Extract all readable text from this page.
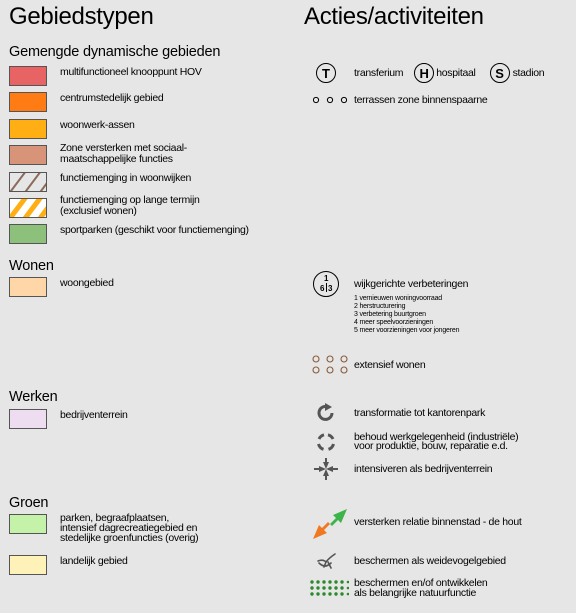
Gebiedstypen	Acties/activiteiten
Gemengde dynamische gebieden
Wonen
Werken
Groen
multifunctioneel knooppunt HOV
centrumstedelijk gebied
woonwerk-assen
Zone versterken met sociaal-
maatschappelijke functies
functiemenging in woonwijken
functiemenging op lange termijn
(exclusief wonen)
sportparken (geschikt voor functiemenging)
woongebied
bedrijventerrein
parken, begraafplaatsen,
intensief dagrecreatiegebied en
stedelijke groenfuncties (overig)
landelijk gebied
T transferium H hospitaal S stadion
terrassen zone binnenspaarne
1
6 3 wijkgerichte verbeteringen
1 vernieuwen woningvoorraad
2 herstructurering
3 verbetering buurtgroen
4 meer speelvoorzieningen
5 meer voorzieningen voor jongeren
extensief wonen
transformatie tot kantorenpark
behoud werkgelegenheid (industriële)
voor produktie, bouw, reparatie e.d.
intensiveren als bedrijventerrein
versterken relatie binnenstad - de hout
beschermen als weidevogelgebied
beschermen en/of ontwikkelen
als belangrijke natuurfunctie
